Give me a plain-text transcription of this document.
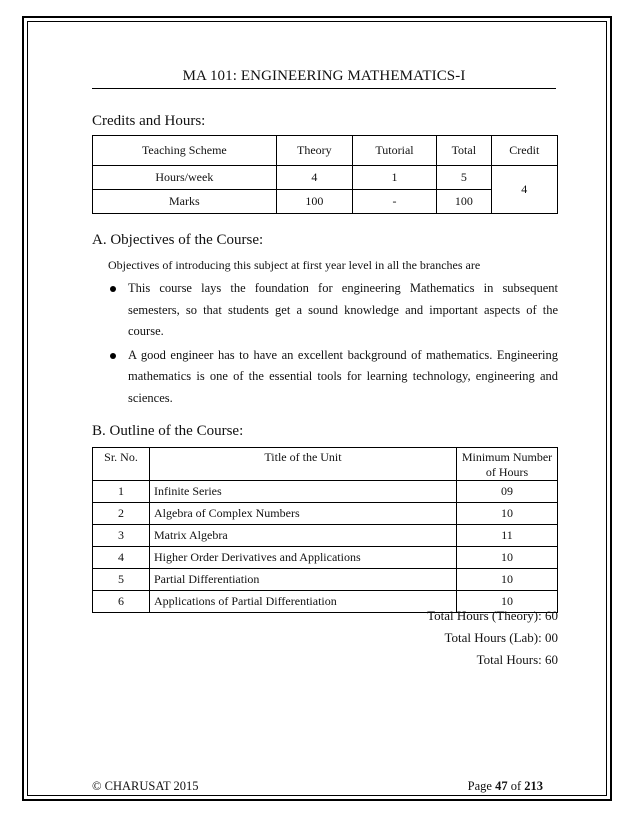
MA 101: ENGINEERING MATHEMATICS-I
Credits and Hours:
Teaching Scheme	Theory	Tutorial	Total	Credit
Hours/week	4	1	5	4
Marks	100	-	100	
A. Objectives of the Course:
Objectives of introducing this subject at first year level in all the branches are
This course lays the foundation for engineering Mathematics in subsequent semesters, so that students get a sound knowledge and important aspects of the course.
A good engineer has to have an excellent background of mathematics. Engineering mathematics is one of the essential tools for learning technology, engineering and sciences.
B. Outline of the Course:
Sr. No.	Title of the Unit	Minimum Number of Hours
1	Infinite Series	09
2	Algebra of Complex Numbers	10
3	Matrix Algebra	11
4	Higher Order Derivatives and Applications	10
5	Partial Differentiation	10
6	Applications of Partial Differentiation	10
Total Hours (Theory): 60
Total Hours (Lab): 00
Total Hours: 60
© CHARUSAT 2015	Page 47 of 213
